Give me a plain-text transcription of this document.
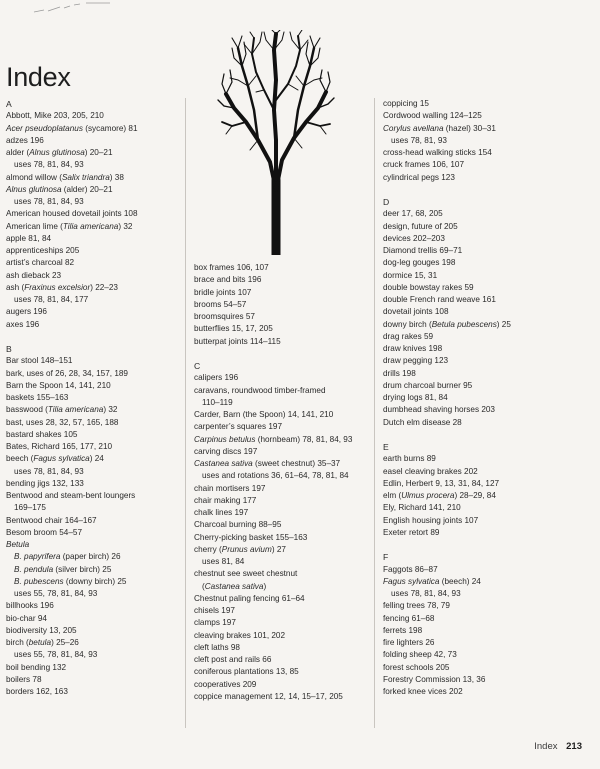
Index
A
Abbott, Mike 203, 205, 210
Acer pseudoplatanus (sycamore) 81
adzes 196
alder (Alnus glutinosa) 20–21
uses 78, 81, 84, 93
almond willow (Salix triandra) 38
Alnus glutinosa (alder) 20–21
uses 78, 81, 84, 93
American housed dovetail joints 108
American lime (Tilia americana) 32
apple 81, 84
apprenticeships 205
artist’s charcoal 82
ash dieback 23
ash (Fraxinus excelsior) 22–23
uses 78, 81, 84, 177
augers 196
axes 196
B
Bar stool 148–151
bark, uses of 26, 28, 34, 157, 189
Barn the Spoon 14, 141, 210
baskets 155–163
basswood (Tilia americana) 32
bast, uses 28, 32, 57, 165, 188
bastard shakes 105
Bates, Richard 165, 177, 210
beech (Fagus sylvatica) 24
uses 78, 81, 84, 93
bending jigs 132, 133
Bentwood and steam-bent loungers
169–175
Bentwood chair 164–167
Besom broom 54–57
Betula
B. papyrifera (paper birch) 26
B. pendula (silver birch) 25
B. pubescens (downy birch) 25
uses 55, 78, 81, 84, 93
billhooks 196
bio-char 94
biodiversity 13, 205
birch (betula) 25–26
uses 55, 78, 81, 84, 93
boil bending 132
boilers 78
borders 162, 163
box frames 106, 107
brace and bits 196
bridle joints 107
brooms 54–57
broomsquires 57
butterflies 15, 17, 205
butterpat joints 114–115
C
calipers 196
caravans, roundwood timber-framed
110–119
Carder, Barn (the Spoon) 14, 141, 210
carpenter’s squares 197
Carpinus betulus (hornbeam) 78, 81, 84, 93
carving discs 197
Castanea sativa (sweet chestnut) 35–37
uses and rotations 36, 61–64, 78, 81, 84
chain mortisers 197
chair making 177
chalk lines 197
Charcoal burning 88–95
Cherry-picking basket 155–163
cherry (Prunus avium) 27
uses 81, 84
chestnut see sweet chestnut
(Castanea sativa)
Chestnut paling fencing 61–64
chisels 197
clamps 197
cleaving brakes 101, 202
cleft laths 98
cleft post and rails 66
coniferous plantations 13, 85
cooperatives 209
coppice management 12, 14, 15–17, 205
coppicing 15
Cordwood walling 124–125
Corylus avellana (hazel) 30–31
uses 78, 81, 93
cross-head walking sticks 154
cruck frames 106, 107
cylindrical pegs 123
D
deer 17, 68, 205
design, future of 205
devices 202–203
Diamond trellis 69–71
dog-leg gouges 198
dormice 15, 31
double bowstay rakes 59
double French rand weave 161
dovetail joints 108
downy birch (Betula pubescens) 25
drag rakes 59
draw knives 198
draw pegging 123
drills 198
drum charcoal burner 95
drying logs 81, 84
dumbhead shaving horses 203
Dutch elm disease 28
E
earth burns 89
easel cleaving brakes 202
Edlin, Herbert 9, 13, 31, 84, 127
elm (Ulmus procera) 28–29, 84
Ely, Richard 141, 210
English housing joints 107
Exeter retort 89
F
Faggots 86–87
Fagus sylvatica (beech) 24
uses 78, 81, 84, 93
felling trees 78, 79
fencing 61–68
ferrets 198
fire lighters 26
folding sheep 42, 73
forest schools 205
Forestry Commission 13, 36
forked knee vices 202
Index 213
